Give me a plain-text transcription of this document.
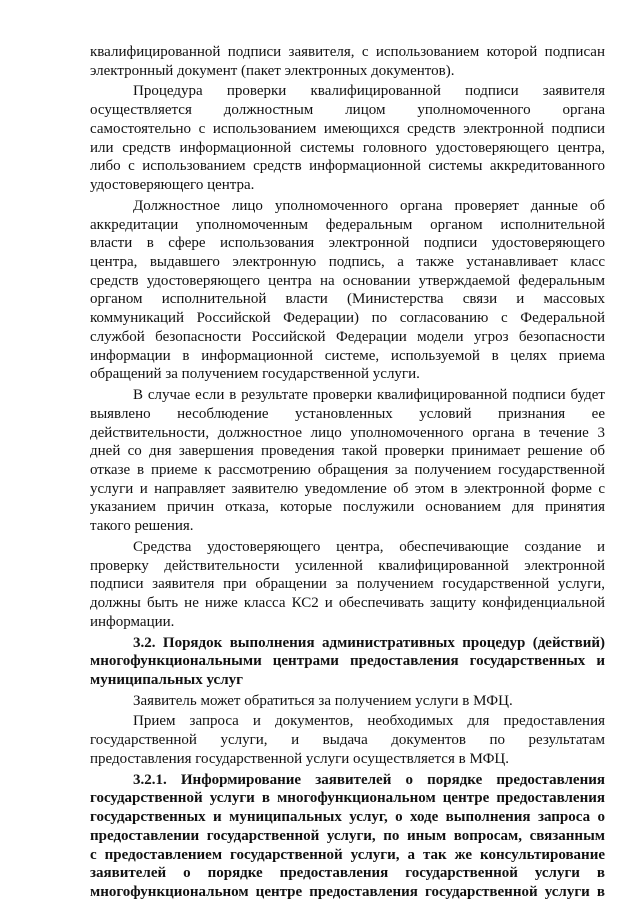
квалифицированной подписи заявителя, с использованием которой подписан

электронный документ (пакет электронных документов).

Процедура проверки квалифицированной подписи заявителя

осуществляется должностным лицом уполномоченного органа

самостоятельно с использованием имеющихся средств электронной подписи

или средств информационной системы головного удостоверяющего центра,

либо с использованием средств информационной системы аккредитованного

удостоверяющего центра.

Должностное лицо уполномоченного органа проверяет данные об

аккредитации уполномоченным федеральным органом исполнительной

власти в сфере использования электронной подписи удостоверяющего

центра, выдавшего электронную подпись, а также устанавливает класс

средств удостоверяющего центра на основании утверждаемой федеральным

органом исполнительной власти (Министерства связи и массовых

коммуникаций Российской Федерации) по согласованию с Федеральной

службой безопасности Российской Федерации модели угроз безопасности

информации в информационной системе, используемой в целях приема

обращений за получением государственной услуги.

В случае если в результате проверки квалифицированной подписи будет

выявлено несоблюдение установленных условий признания ее

действительности, должностное лицо уполномоченного органа в течение 3

дней со дня завершения проведения такой проверки принимает решение об

отказе в приеме к рассмотрению обращения за получением государственной

услуги и направляет заявителю уведомление об этом в электронной форме с

указанием причин отказа, которые послужили основанием для принятия

такого решения.

Средства удостоверяющего центра, обеспечивающие создание и

проверку действительности усиленной квалифицированной электронной

подписи заявителя при обращении за получением государственной услуги,

должны быть не ниже класса КС2 и обеспечивать защиту конфиденциальной

информации.

3.2. Порядок выполнения административных процедур (действий)

многофункциональными центрами предоставления государственных и

муниципальных услуг

Заявитель может обратиться за получением услуги в МФЦ.

Прием запроса и документов, необходимых для предоставления

государственной услуги, и выдача документов по результатам

предоставления государственной услуги осуществляется в МФЦ.

3.2.1. Информирование заявителей о порядке предоставления

государственной услуги в многофункциональном центре предоставления

государственных и муниципальных услуг, о ходе выполнения запроса о

предоставлении государственной услуги, по иным вопросам, связанным

с предоставлением государственной услуги, а так же консультирование

заявителей о порядке предоставления государственной услуги в

многофункциональном центре предоставления государственной услуги в
